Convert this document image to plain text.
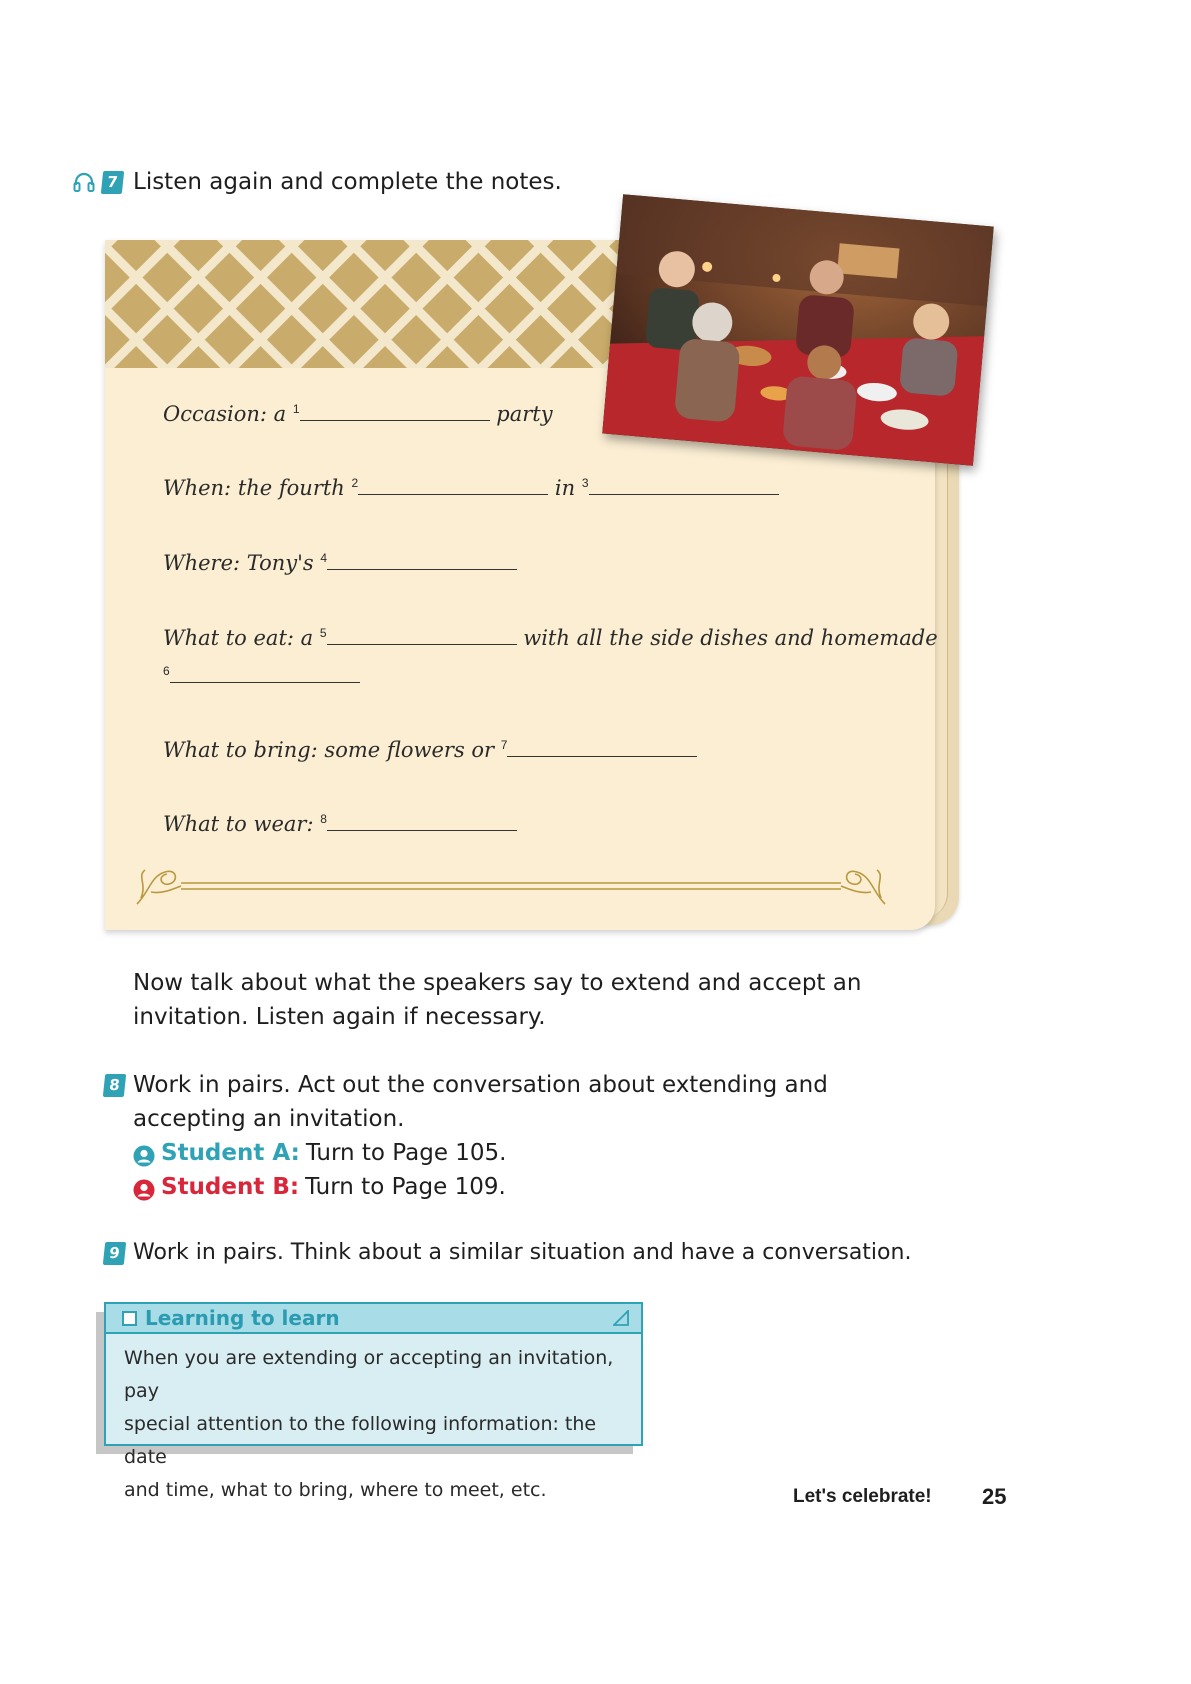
7 Listen again and complete the notes.
Occasion: a $^1$	party
When: the fourth $^2$	in $^3$
Where: Tony's $^4$
What to eat: a $^5$	with all the side dishes and homemade
$^6$
What to bring: some flowers or $^7$
What to wear: $^8$
Now talk about what the speakers say to extend and accept an
invitation. Listen again if necessary.
8 Work in pairs. Act out the conversation about extending and
accepting an invitation.
Student A: Turn to Page 105.
Student B: Turn to Page 109.
9 Work in pairs. Think about a similar situation and have a conversation.
Learning to learn
When you are extending or accepting an invitation, pay
special attention to the following information: the date
and time, what to bring, where to meet, etc.	Let's celebrate! 25
